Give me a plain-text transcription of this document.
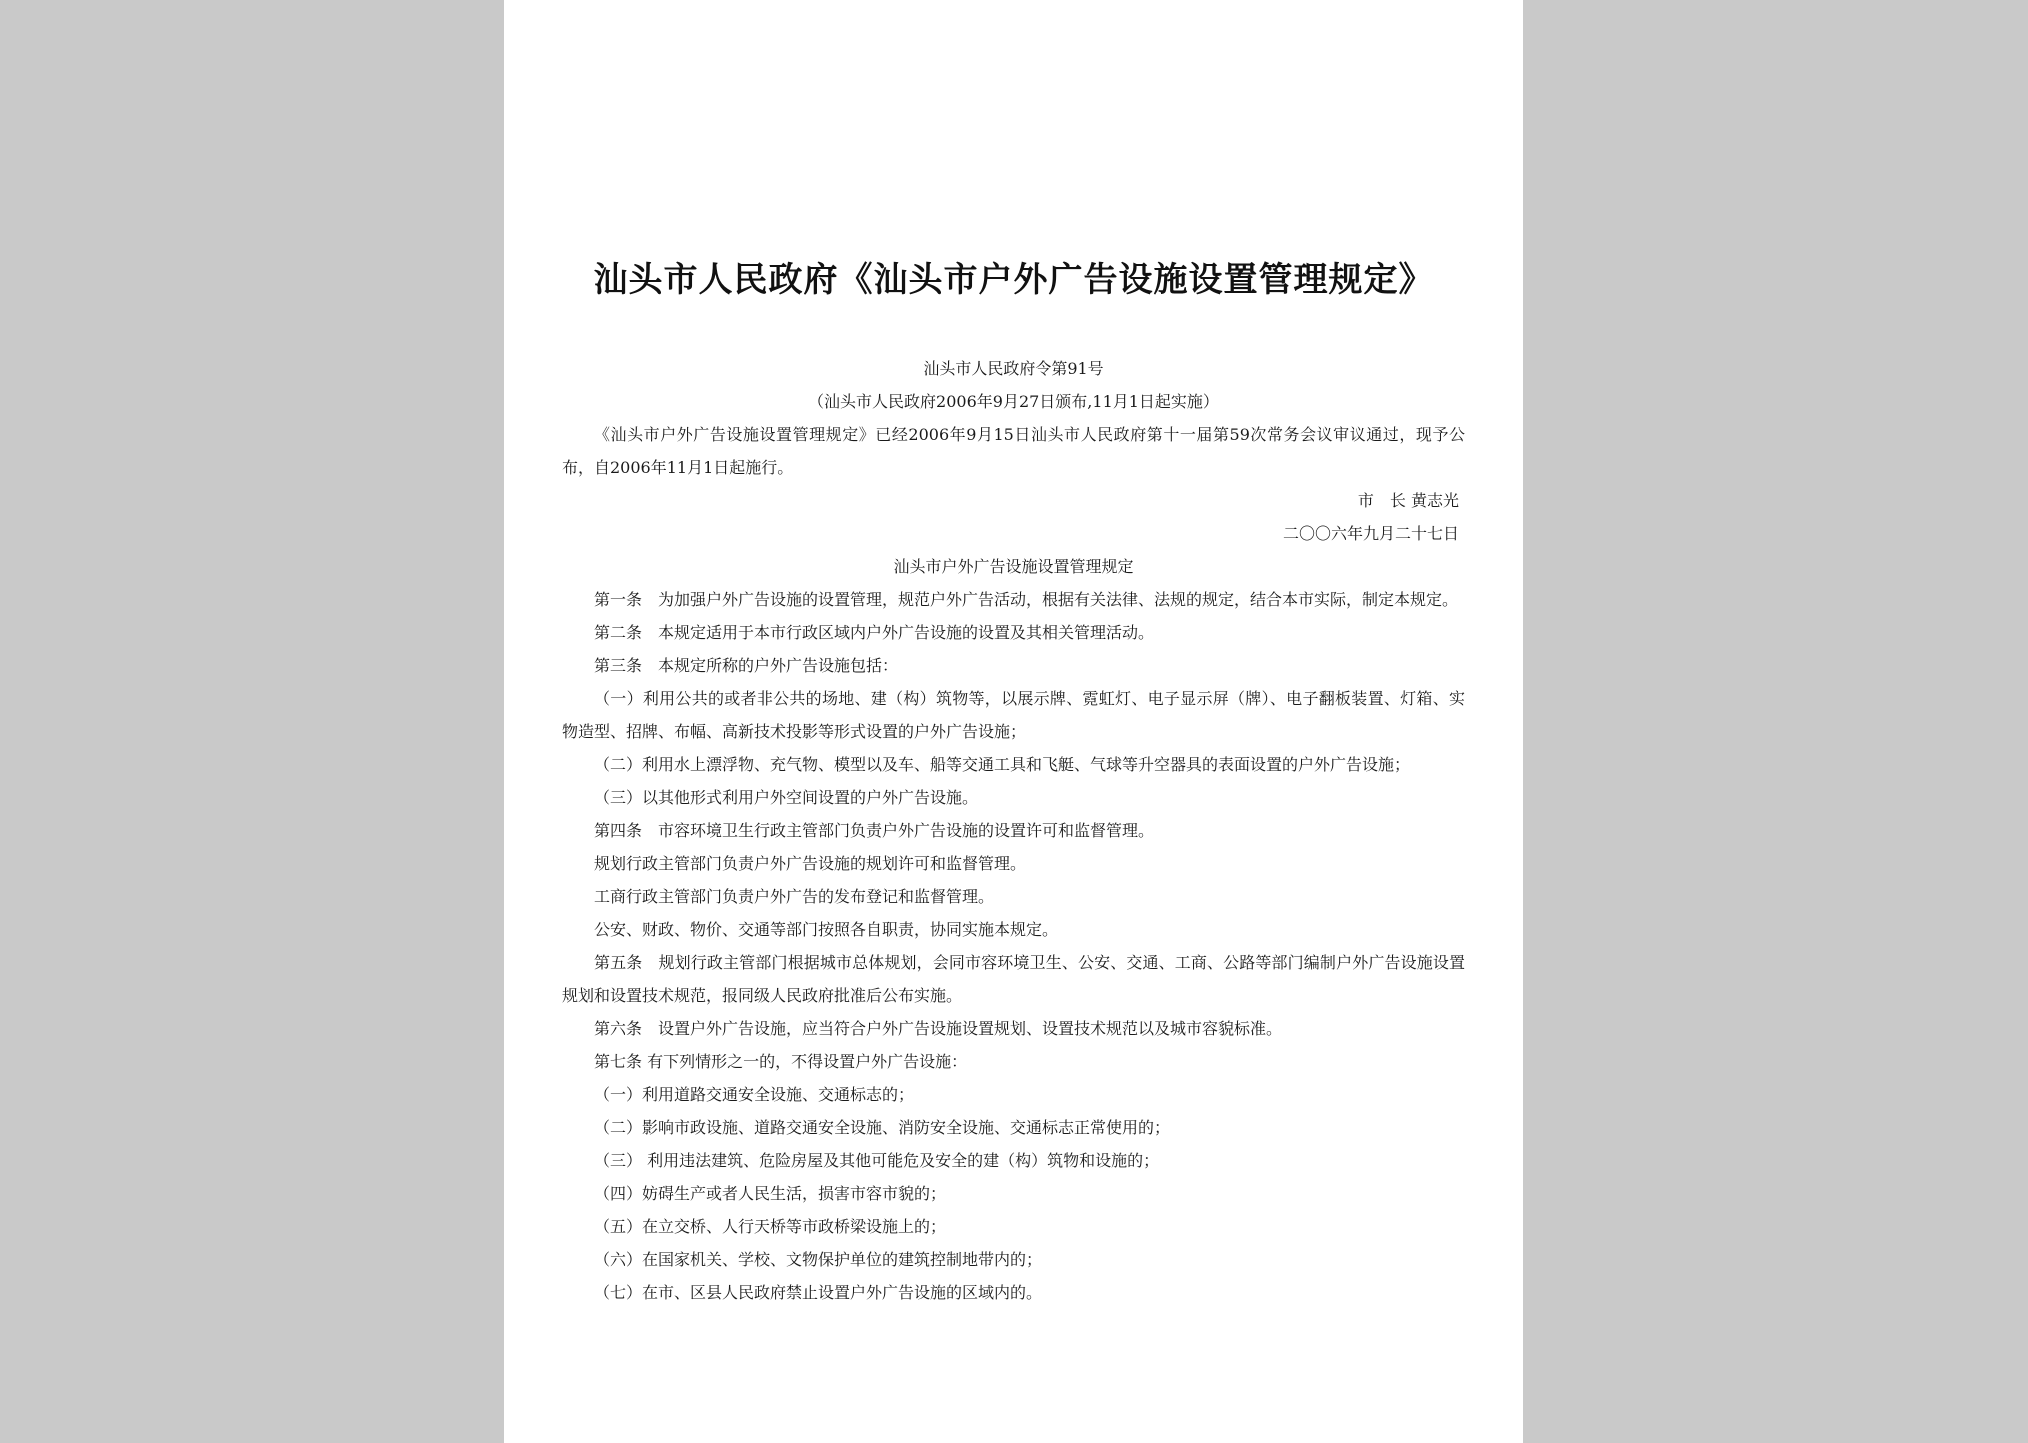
汕头市人民政府《汕头市户外广告设施设置管理规定》

汕头市人民政府令第91号

（汕头市人民政府2006年9月27日颁布,11月1日起实施）

《汕头市户外广告设施设置管理规定》已经2006年9月15日汕头市人民政府第十一届第59次常务会议审议通过，现予公布，自2006年11月1日起施行。

市　长 黄志光

二〇〇六年九月二十七日

汕头市户外广告设施设置管理规定

第一条　为加强户外广告设施的设置管理，规范户外广告活动，根据有关法律、法规的规定，结合本市实际，制定本规定。

第二条　本规定适用于本市行政区域内户外广告设施的设置及其相关管理活动。

第三条　本规定所称的户外广告设施包括：

（一）利用公共的或者非公共的场地、建（构）筑物等，以展示牌、霓虹灯、电子显示屏（牌）、电子翻板装置、灯箱、实物造型、招牌、布幅、高新技术投影等形式设置的户外广告设施；

（二）利用水上漂浮物、充气物、模型以及车、船等交通工具和飞艇、气球等升空器具的表面设置的户外广告设施；

（三）以其他形式利用户外空间设置的户外广告设施。

第四条　市容环境卫生行政主管部门负责户外广告设施的设置许可和监督管理。

规划行政主管部门负责户外广告设施的规划许可和监督管理。

工商行政主管部门负责户外广告的发布登记和监督管理。

公安、财政、物价、交通等部门按照各自职责，协同实施本规定。

第五条　规划行政主管部门根据城市总体规划，会同市容环境卫生、公安、交通、工商、公路等部门编制户外广告设施设置规划和设置技术规范，报同级人民政府批准后公布实施。

第六条　设置户外广告设施，应当符合户外广告设施设置规划、设置技术规范以及城市容貌标准。

第七条 有下列情形之一的，不得设置户外广告设施：

（一）利用道路交通安全设施、交通标志的；

（二）影响市政设施、道路交通安全设施、消防安全设施、交通标志正常使用的；

（三） 利用违法建筑、危险房屋及其他可能危及安全的建（构）筑物和设施的；

（四）妨碍生产或者人民生活，损害市容市貌的；

（五）在立交桥、人行天桥等市政桥梁设施上的；

（六）在国家机关、学校、文物保护单位的建筑控制地带内的；

（七）在市、区县人民政府禁止设置户外广告设施的区域内的。
